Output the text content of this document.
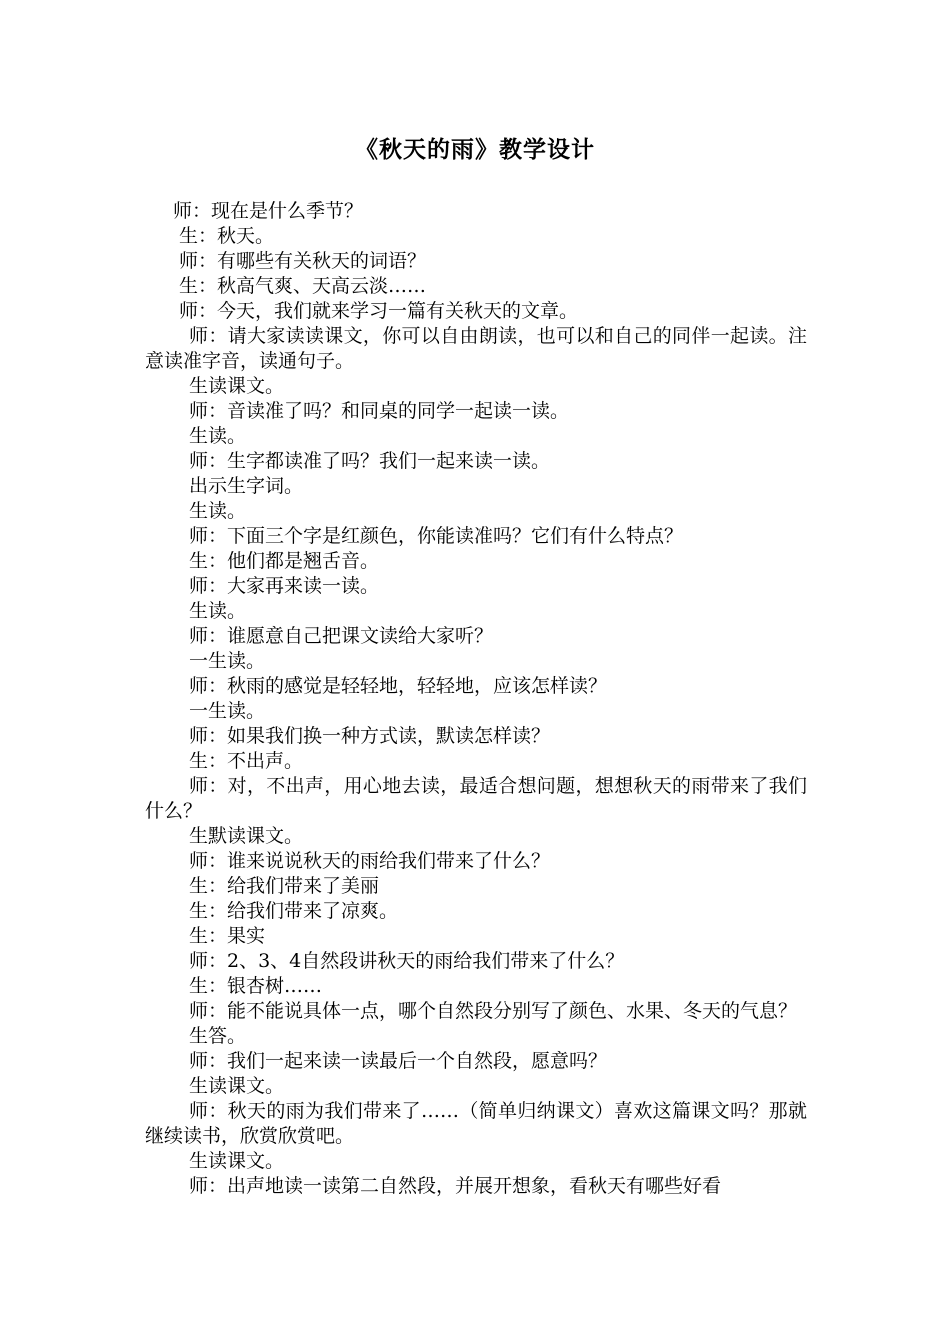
《秋天的雨》教学设计

师：现在是什么季节？

生：秋天。

师：有哪些有关秋天的词语？

生：秋高气爽、天高云淡……

师：今天，我们就来学习一篇有关秋天的文章。

师：请大家读读课文，你可以自由朗读，也可以和自己的同伴一起读。注意读准字音，读通句子。

生读课文。

师：音读准了吗？和同桌的同学一起读一读。

生读。

师：生字都读准了吗？我们一起来读一读。

出示生字词。

生读。

师：下面三个字是红颜色，你能读准吗？它们有什么特点？

生：他们都是翘舌音。

师：大家再来读一读。

生读。

师：谁愿意自己把课文读给大家听？

一生读。

师：秋雨的感觉是轻轻地，轻轻地，应该怎样读？

一生读。

师：如果我们换一种方式读，默读怎样读？

生：不出声。

师：对，不出声，用心地去读，最适合想问题，想想秋天的雨带来了我们什么？

生默读课文。

师：谁来说说秋天的雨给我们带来了什么？

生：给我们带来了美丽

生：给我们带来了凉爽。

生：果实

师：2、3、4自然段讲秋天的雨给我们带来了什么？

生：银杏树……

师：能不能说具体一点，哪个自然段分别写了颜色、水果、冬天的气息？

生答。

师：我们一起来读一读最后一个自然段，愿意吗？

生读课文。

师：秋天的雨为我们带来了……（简单归纳课文）喜欢这篇课文吗？那就继续读书，欣赏欣赏吧。

生读课文。

师：出声地读一读第二自然段，并展开想象，看秋天有哪些好看
